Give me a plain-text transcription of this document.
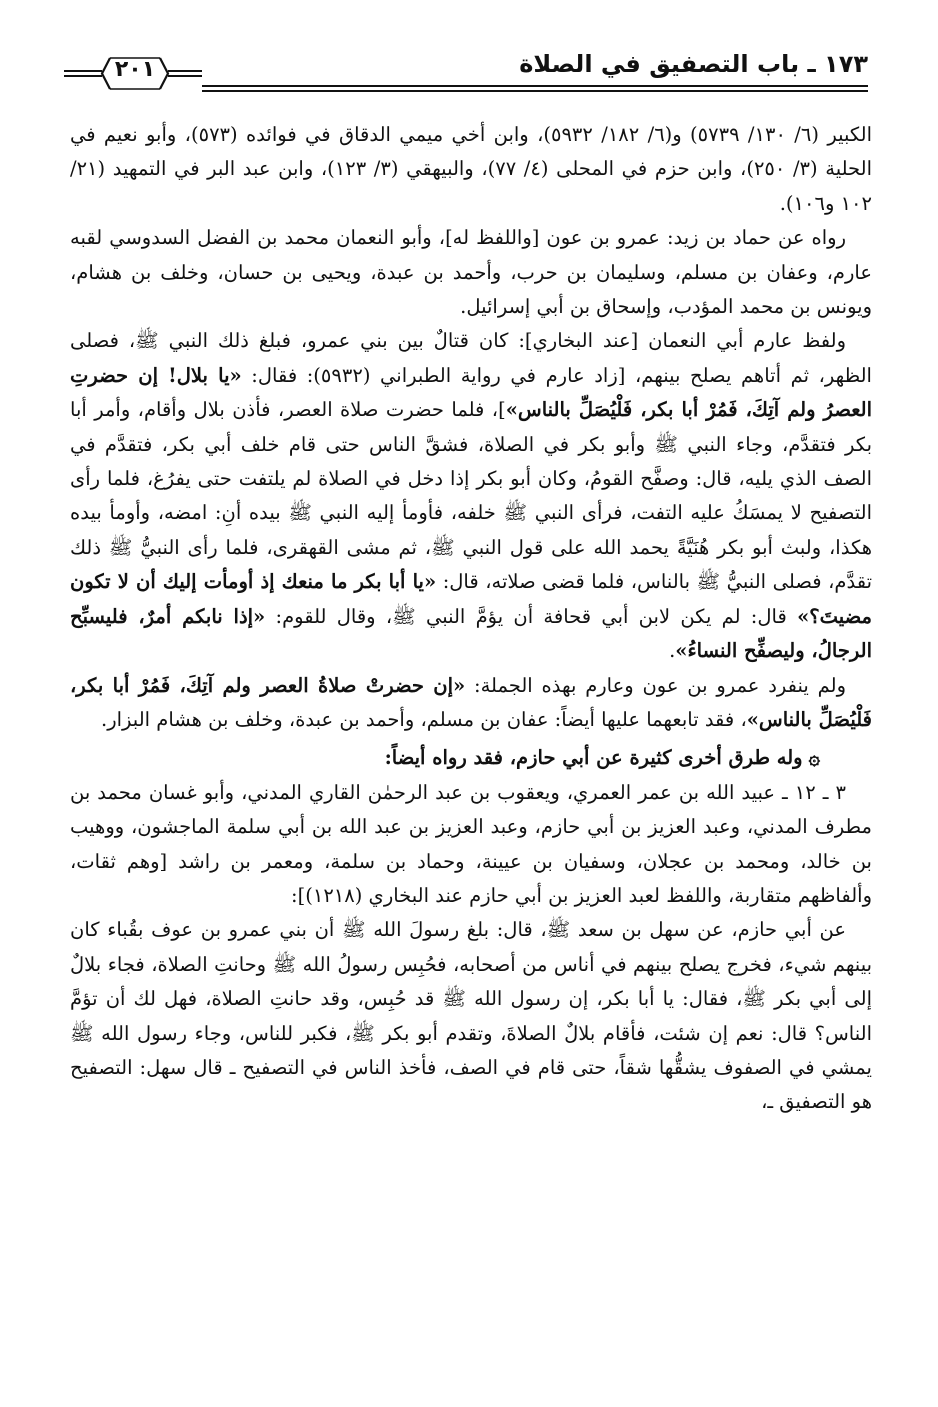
١٧٣ ـ باب التصفيق في الصلاة
٢٠١

الكبير (٦/ ١٣٠/ ٥٧٣٩) و(٦/ ١٨٢/ ٥٩٣٢)، وابن أخي ميمي الدقاق في فوائده (٥٧٣)، وأبو نعيم في الحلية (٣/ ٢٥٠)، وابن حزم في المحلى (٤/ ٧٧)، والبيهقي (٣/ ١٢٣)، وابن عبد البر في التمهيد (٢١/ ١٠٢ و١٠٦).

رواه عن حماد بن زيد: عمرو بن عون [واللفظ له]، وأبو النعمان محمد بن الفضل السدوسي لقبه عارم، وعفان بن مسلم، وسليمان بن حرب، وأحمد بن عبدة، ويحيى بن حسان، وخلف بن هشام، ويونس بن محمد المؤدب، وإسحاق بن أبي إسرائيل.

ولفظ عارم أبي النعمان [عند البخاري]: كان قتالٌ بين بني عمرو، فبلغ ذلك النبي ﷺ، فصلى الظهر، ثم أتاهم يصلح بينهم، [زاد عارم في رواية الطبراني (٥٩٣٢): فقال: «يا بلال! إن حضرتِ العصرُ ولم آتِكَ، فَمُرْ أبا بكر، فَلْيُصَلِّ بالناس»]، فلما حضرت صلاة العصر، فأذن بلال وأقام، وأمر أبا بكر فتقدَّم، وجاء النبي ﷺ وأبو بكر في الصلاة، فشقَّ الناس حتى قام خلف أبي بكر، فتقدَّم في الصف الذي يليه، قال: وصفَّح القومُ، وكان أبو بكر إذا دخل في الصلاة لم يلتفت حتى يفرُغ، فلما رأى التصفيح لا يمسَكُ عليه التفت، فرأى النبي ﷺ خلفه، فأومأ إليه النبي ﷺ بيده أنِ: امضه، وأومأ بيده هكذا، ولبث أبو بكر هُنَيَّةً يحمد الله على قول النبي ﷺ، ثم مشى القهقرى، فلما رأى النبيُّ ﷺ ذلك تقدَّم، فصلى النبيُّ ﷺ بالناس، فلما قضى صلاته، قال: «يا أبا بكر ما منعك إذ أومأت إليك أن لا تكون مضيتَ؟» قال: لم يكن لابن أبي قحافة أن يؤمَّ النبي ﷺ، وقال للقوم: «إذا نابكم أمرٌ، فليسبِّح الرجالُ، وليصفِّح النساءُ».

ولم ينفرد عمرو بن عون وعارم بهذه الجملة: «إن حضرتْ صلاةُ العصر ولم آتِكَ، فَمُرْ أبا بكر، فَلْيُصَلِّ بالناس»، فقد تابعهما عليها أيضاً: عفان بن مسلم، وأحمد بن عبدة، وخلف بن هشام البزار.

۞وله طرق أخرى كثيرة عن أبي حازم، فقد رواه أيضاً:

٣ ـ ١٢ ـ عبيد الله بن عمر العمري، ويعقوب بن عبد الرحمٰن القاري المدني، وأبو غسان محمد بن مطرف المدني، وعبد العزيز بن أبي حازم، وعبد العزيز بن عبد الله بن أبي سلمة الماجشون، ووهيب بن خالد، ومحمد بن عجلان، وسفيان بن عيينة، وحماد بن سلمة، ومعمر بن راشد [وهم ثقات، وألفاظهم متقاربة، واللفظ لعبد العزيز بن أبي حازم عند البخاري (١٢١٨)]:

عن أبي حازم، عن سهل بن سعد ﷺ، قال: بلغ رسولَ الله ﷺ أن بني عمرو بن عوف بقُباء كان بينهم شيء، فخرج يصلح بينهم في أناس من أصحابه، فحُبِس رسولُ الله ﷺ وحانتِ الصلاة، فجاء بلالٌ إلى أبي بكر ﷺ، فقال: يا أبا بكر، إن رسول الله ﷺ قد حُبِس، وقد حانتِ الصلاة، فهل لك أن تؤمَّ الناس؟ قال: نعم إن شئت، فأقام بلالٌ الصلاةَ، وتقدم أبو بكر ﷺ، فكبر للناس، وجاء رسول الله ﷺ يمشي في الصفوف يشقُّها شقاً، حتى قام في الصف، فأخذ الناس في التصفيح ـ قال سهل: التصفيح هو التصفيق ـ،
